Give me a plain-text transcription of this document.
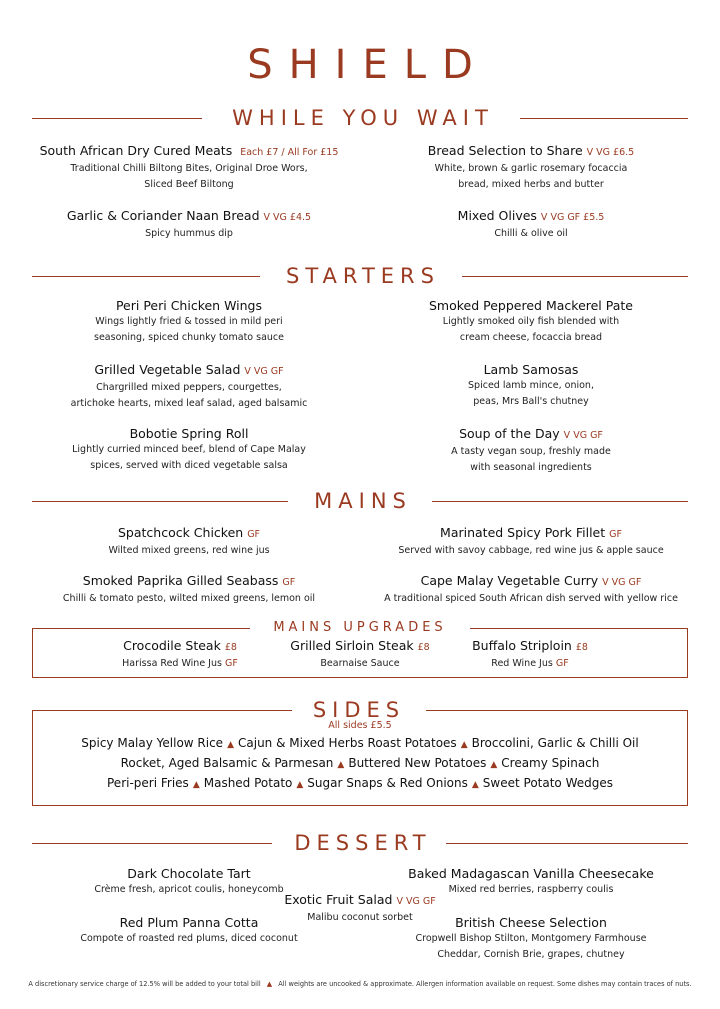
SHIELD
WHILE YOU WAIT
South African Dry Cured Meats Each £7 / All For £15
Traditional Chilli Biltong Bites, Original Droe Wors,
Sliced Beef Biltong
Bread Selection to Share V VG £6.5
White, brown & garlic rosemary focaccia
bread, mixed herbs and butter
Garlic & Coriander Naan Bread V VG £4.5
Spicy hummus dip
Mixed Olives V VG GF £5.5
Chilli & olive oil
STARTERS
Peri Peri Chicken Wings
Wings lightly fried & tossed in mild peri
seasoning, spiced chunky tomato sauce
Smoked Peppered Mackerel Pate
Lightly smoked oily fish blended with
cream cheese, focaccia bread
Grilled Vegetable Salad V VG GF
Chargrilled mixed peppers, courgettes,
artichoke hearts, mixed leaf salad, aged balsamic
Lamb Samosas
Spiced lamb mince, onion,
peas, Mrs Ball's chutney
Bobotie Spring Roll
Lightly curried minced beef, blend of Cape Malay
spices, served with diced vegetable salsa
Soup of the Day V VG GF
A tasty vegan soup, freshly made
with seasonal ingredients
MAINS
Spatchcock Chicken GF
Wilted mixed greens, red wine jus
Marinated Spicy Pork Fillet GF
Served with savoy cabbage, red wine jus & apple sauce
Smoked Paprika Gilled Seabass GF
Chilli & tomato pesto, wilted mixed greens, lemon oil
Cape Malay Vegetable Curry V VG GF
A traditional spiced South African dish served with yellow rice
MAINS UPGRADES
Crocodile Steak £8
Harissa Red Wine Jus GF
Grilled Sirloin Steak £8
Bearnaise Sauce
Buffalo Striploin £8
Red Wine Jus GF
SIDES
All sides £5.5
Spicy Malay Yellow Rice ▲ Cajun & Mixed Herbs Roast Potatoes ▲ Broccolini, Garlic & Chilli Oil
Rocket, Aged Balsamic & Parmesan ▲ Buttered New Potatoes ▲ Creamy Spinach
Peri-peri Fries ▲ Mashed Potato ▲ Sugar Snaps & Red Onions ▲ Sweet Potato Wedges
DESSERT
Dark Chocolate Tart
Crème fresh, apricot coulis, honeycomb
Baked Madagascan Vanilla Cheesecake
Mixed red berries, raspberry coulis
Exotic Fruit Salad V VG GF
Malibu coconut sorbet
Red Plum Panna Cotta
Compote of roasted red plums, diced coconut
British Cheese Selection
Cropwell Bishop Stilton, Montgomery Farmhouse
Cheddar, Cornish Brie, grapes, chutney
A discretionary service charge of 12.5% will be added to your total bill ▲ All weights are uncooked & approximate. Allergen information available on request. Some dishes may contain traces of nuts.
